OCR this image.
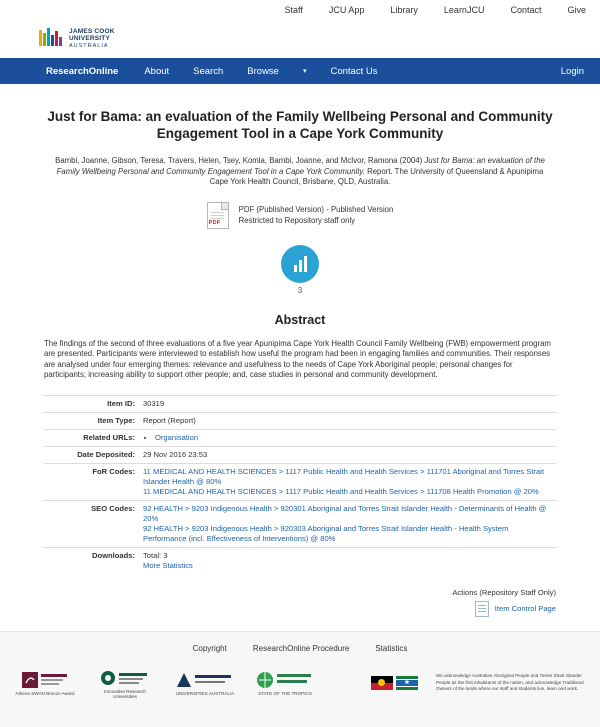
Staff	JCU App	Library	LearnJCU	Contact	Give
JAMES COOK
UNIVERSITY
AUSTRALIA
ResearchOnline	About	Search	Browse	▾	Contact Us	Login
Just for Bama: an evaluation of the Family Wellbeing Personal and Community Engagement Tool in a Cape York Community
Bambi, Joanne, Gibson, Teresa, Travers, Helen, Tsey, Komla, Bambi, Joanne, and McIvor, Ramona (2004) Just for Bama: an evaluation of the Family Wellbeing Personal and Community Engagement Tool in a Cape York Community. Report. The University of Queensland & Apunipima Cape York Health Council, Brisbane, QLD, Australia.
PDF
PDF (Published Version) - Published Version
Restricted to Repository staff only
3
Abstract
The findings of the second of three evaluations of a five year Apunipima Cape York Health Council Family Wellbeing (FWB) empowerment program are presented. Participants were interviewed to establish how useful the program had been in engaging families and communities. Their responses are analysed under four emerging themes: relevance and usefulness to the needs of Cape York Aboriginal people; personal changes for participants; increasing ability to support other people; and, case studies in personal and community development.
Item ID:	30319
Item Type:	Report (Report)
Related URLs:	
•Organisation

Date Deposited:	29 Nov 2016 23:53
FoR Codes:	11 MEDICAL AND HEALTH SCIENCES > 1117 Public Health and Health Services > 111701 Aboriginal and Torres Strait Islander Health @ 80%
11 MEDICAL AND HEALTH SCIENCES > 1117 Public Health and Health Services > 111708 Health Promotion @ 20%

SEO Codes:	92 HEALTH > 9203 Indigenous Health > 920301 Aboriginal and Torres Strait Islander Health - Determinants of Health @ 20%
92 HEALTH > 9203 Indigenous Health > 920303 Aboriginal and Torres Strait Islander Health - Health System Performance (incl. Effectiveness of Interventions) @ 80%

Downloads:	Total: 3
More Statistics
Actions (Repository Staff Only)
Item Control Page
Copyright	ResearchOnline Procedure	Statistics
Athena SWAN Bronze Award	Innovative Research Universities	UNIVERSITIES AUSTRALIA	STATE OF THE TROPICS
We acknowledge Australian Aboriginal People and Torres Strait Islander People as the first inhabitants of the nation, and acknowledge Traditional Owners of the lands where our staff and students live, learn and work.
